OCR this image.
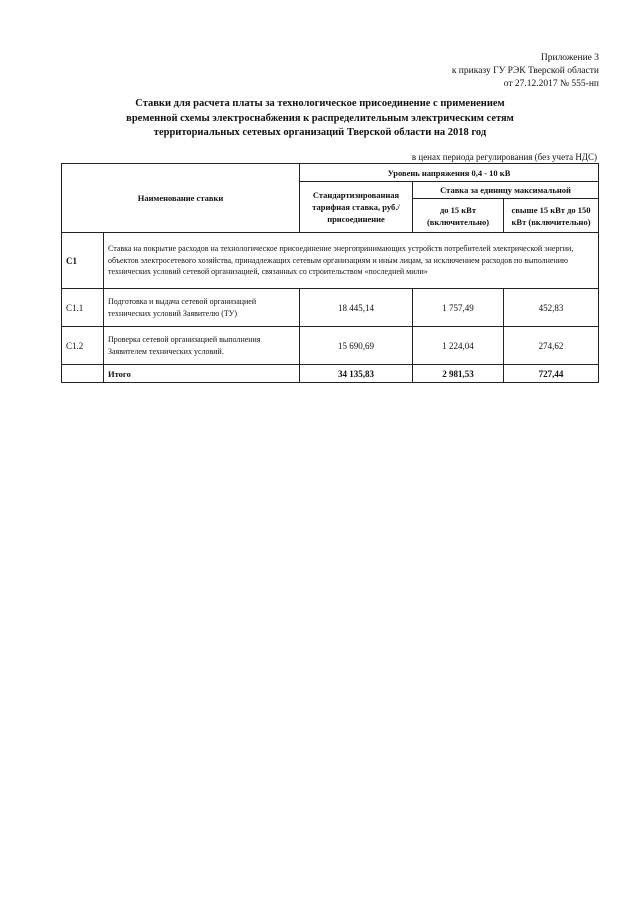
Приложение 3
к приказу ГУ РЭК Тверской области
от 27.12.2017 № 555-нп
Ставки для расчета платы за технологическое присоединение с применением
временной схемы электроснабжения к распределительным электрическим сетям
территориальных сетевых организаций Тверской области на 2018 год
в ценах периода регулирования (без учета НДС)
Наименование ставки		Уровень напряжения 0,4 - 10 кВ		
		Стандартизированная тарифная ставка, руб./присоединение	Ставка за единицу максимальной	
			до 15 кВт (включительно)	свыше 15 кВт до 150 кВт (включительно)
С1	Ставка на покрытие расходов на технологическое присоединение энергопринимающих устройств потребителей электрической энергии, объектов электросетевого хозяйства, принадлежащих сетевым организациям и иным лицам, за исключением расходов по выполнению технических условий сетевой организацией, связанных со строительством «последней мили»			
С1.1	Подготовка и выдача сетевой организацией технических условий Заявителю (ТУ)	18 445,14	1 757,49	452,83
С1.2	Проверка сетевой организацией выполнения Заявителем технических условий.	15 690,69	1 224,04	274,62
	Итого	34 135,83	2 981,53	727,44
